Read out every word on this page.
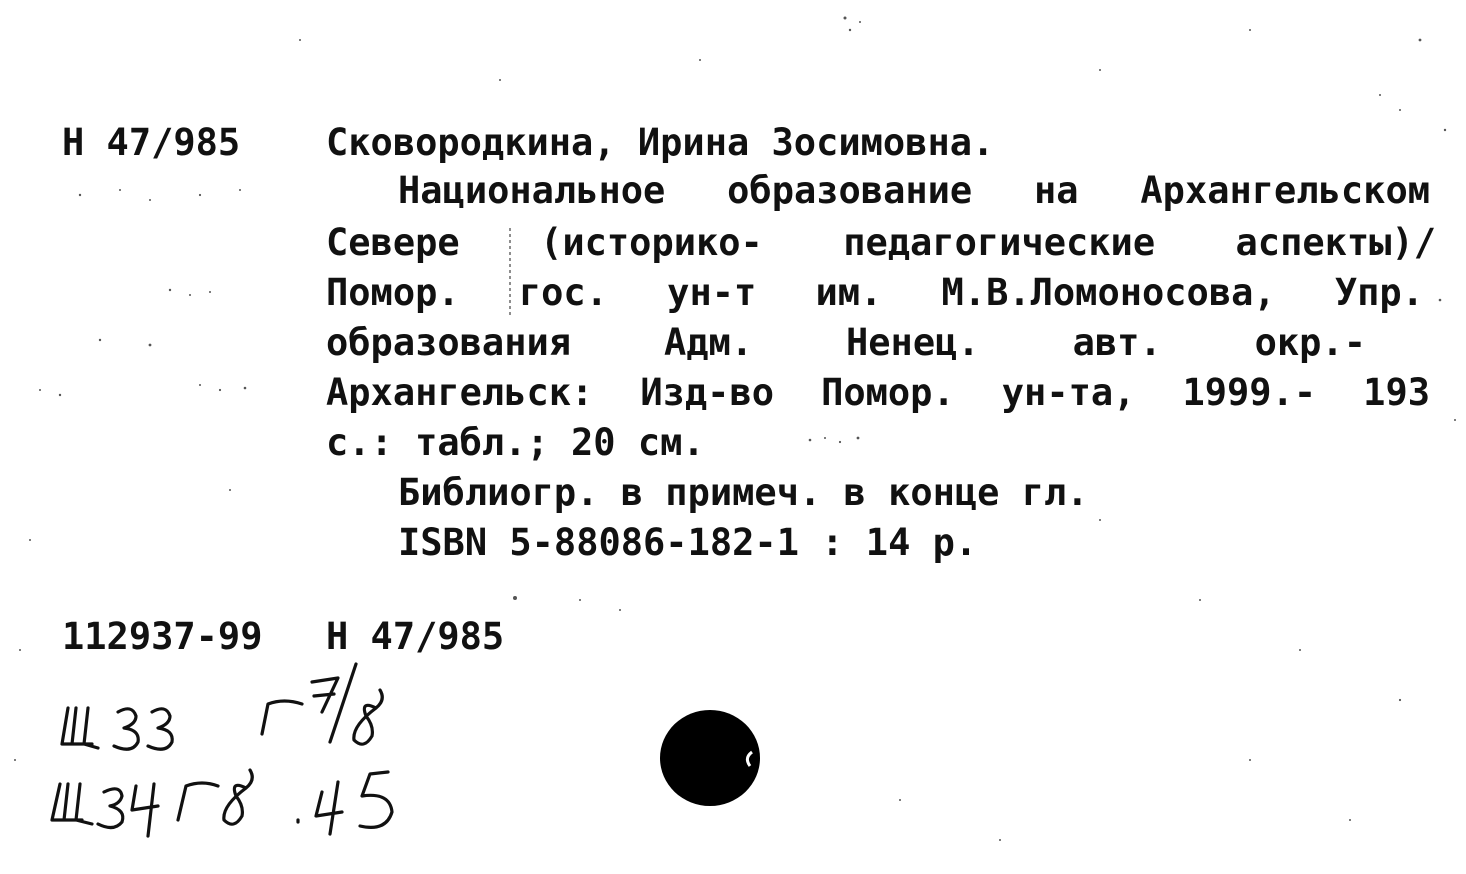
Н 47/985 Сковородкина, Ирина Зосимовна.
Национальное образование на Архангельском
Севере (историко- педагогические аспекты)/
Помор. гос. ун-т им. М.В.Ломоносова, Упр.
образования	Адм.	Ненец.	авт.	окр.-
Архангельск: Изд-во Помор. ун-та, 1999.- 193
с.: табл.; 20 см.
Библиогр. в примеч. в конце гл.
ISBN 5-88086-182-1 : 14 р.
112937-99 Н 47/985
